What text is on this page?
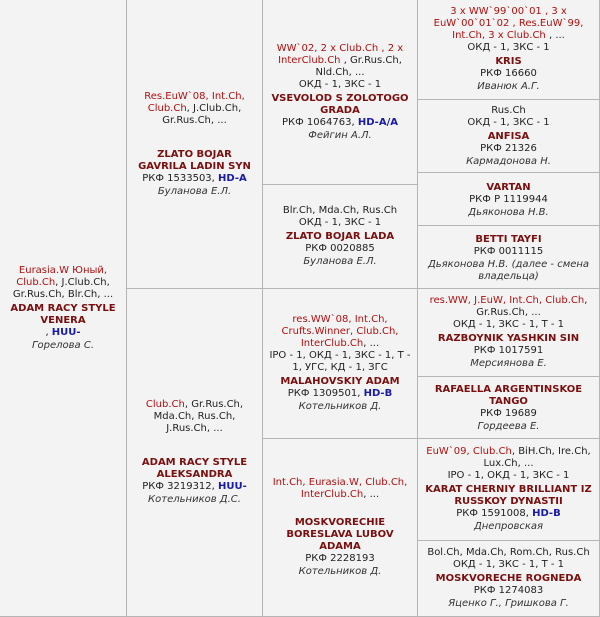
Eurasia.W Юный, Club.Ch, J.Club.Ch, Gr.Rus.Ch, Blr.Ch, ...
ADAM RACY STYLE VENERA
, HUU-
Горелова С.
Res.EuW`08, Int.Ch, Club.Ch, J.Club.Ch, Gr.Rus.Ch, ...
ZLATO BOJAR GAVRILA LADIN SYN
РКФ 1533503, HD-A
Буланова Е.Л.
Club.Ch, Gr.Rus.Ch, Mda.Ch, Rus.Ch, J.Rus.Ch, ...
ADAM RACY STYLE ALEKSANDRA
РКФ 3219312, HUU-
Котельников Д.С.
WW`02, 2 x Club.Ch , 2 x InterClub.Ch , Gr.Rus.Ch, Nld.Ch, ...
ОКД - 1, ЗКС - 1
VSEVOLOD S ZOLOTOGO GRADA
РКФ 1064763, HD-A/A
Фейгин А.Л.
Blr.Ch, Mda.Ch, Rus.Ch
ОКД - 1, ЗКС - 1
ZLATO BOJAR LADA
РКФ 0020885
Буланова Е.Л.
res.WW`08, Int.Ch, Crufts.Winner, Club.Ch, InterClub.Ch, ...
IPO - 1, ОКД - 1, ЗКС - 1, T - 1, УГС, КД - 1, ЗГС
MALAHOVSKIY ADAM
РКФ 1309501, HD-B
Котельников Д.
Int.Ch, Eurasia.W, Club.Ch, InterClub.Ch, ...
MOSKVORECHIE BORESLAVA LUBOV ADAMA
РКФ 2228193
Котельников Д.
3 x WW`99`00`01 , 3 x EuW`00`01`02 , Res.EuW`99, Int.Ch, 3 x Club.Ch , ...
ОКД - 1, ЗКС - 1
KRIS
РКФ 16660
Иванюк А.Г.
Rus.Ch
ОКД - 1, ЗКС - 1
ANFISA
РКФ 21326
Кармадонова Н.
VARTAN
РКФ Р 1119944
Дьяконова Н.В.
BETTI TAYFI
РКФ 0011115
Дьяконова Н.В. (далее - смена владельца)
res.WW, J.EuW, Int.Ch, Club.Ch, Gr.Rus.Ch, ...
ОКД - 1, ЗКС - 1, T - 1
RAZBOYNIK YASHKIN SIN
РКФ 1017591
Мерсиянова Е.
RAFAELLA ARGENTINSKOE TANGO
РКФ 19689
Гордеева Е.
EuW`09, Club.Ch, BiH.Ch, Ire.Ch, Lux.Ch, ...
IPO - 1, ОКД - 1, ЗКС - 1
KARAT CHERNIY BRILLIANT IZ RUSSKOY DYNASTII
РКФ 1591008, HD-B
Днепровская
Bol.Ch, Mda.Ch, Rom.Ch, Rus.Ch
ОКД - 1, ЗКС - 1, T - 1
MOSKVORECHE ROGNEDA
РКФ 1274083
Яценко Г., Гришкова Г.
